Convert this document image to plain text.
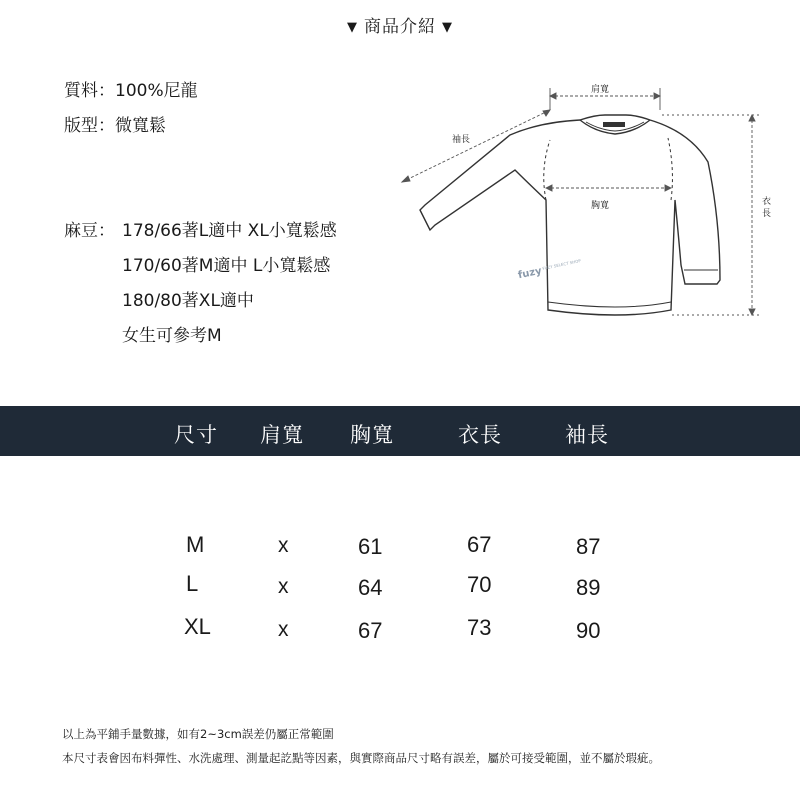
▼ 商品介紹 ▼
質料：100%尼龍
版型：微寬鬆
麻豆： 178/66著L適中 XL小寬鬆感
170/60著M適中 L小寬鬆感
180/80著XL適中
女生可參考M
肩寬
袖長
胸寬	衣
長
fuzy
FUZY SELECT SHOP
尺寸 肩寬 胸寬	衣長	袖長
M	x	61	67	87
L	x	64	70	89
XL	x	67	73	90
以上為平鋪手量數據，如有2~3cm誤差仍屬正常範圍
本尺寸表會因布料彈性、水洗處理、測量起訖點等因素，與實際商品尺寸略有誤差，屬於可接受範圍，並不屬於瑕疵。
